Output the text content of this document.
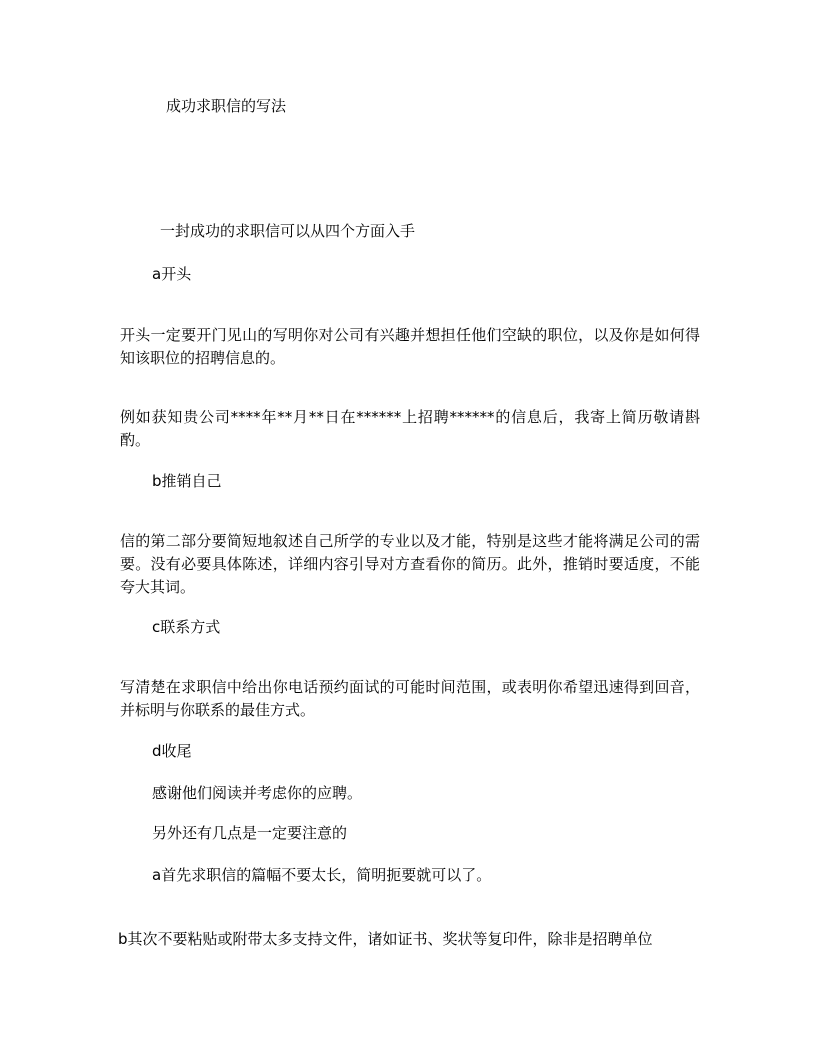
成功求职信的写法
一封成功的求职信可以从四个方面入手
a开头
开头一定要开门见山的写明你对公司有兴趣并想担任他们空缺的职位，以及你是如何得知该职位的招聘信息的。
例如获知贵公司****年**月**日在******上招聘******的信息后，我寄上简历敬请斟酌。
b推销自己
信的第二部分要简短地叙述自己所学的专业以及才能，特别是这些才能将满足公司的需要。没有必要具体陈述，详细内容引导对方查看你的简历。此外，推销时要适度，不能夸大其词。
c联系方式
写清楚在求职信中给出你电话预约面试的可能时间范围，或表明你希望迅速得到回音，并标明与你联系的最佳方式。
d收尾
感谢他们阅读并考虑你的应聘。
另外还有几点是一定要注意的
a首先求职信的篇幅不要太长，简明扼要就可以了。
b其次不要粘贴或附带太多支持文件，诸如证书、奖状等复印件，除非是招聘单位
